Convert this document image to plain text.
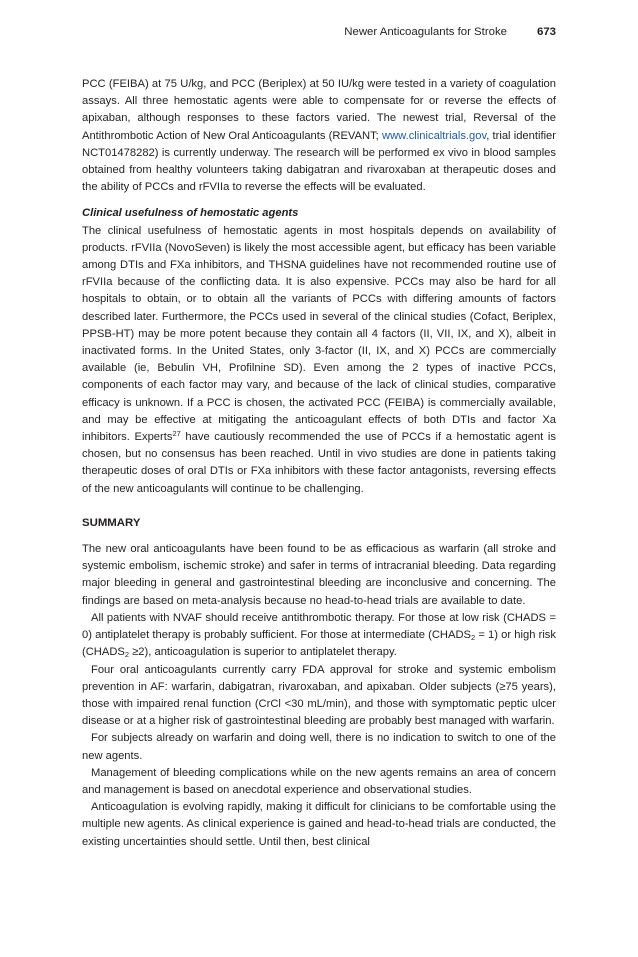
Newer Anticoagulants for Stroke	673

PCC (FEIBA) at 75 U/kg, and PCC (Beriplex) at 50 IU/kg were tested in a variety of coagulation assays. All three hemostatic agents were able to compensate for or reverse the effects of apixaban, although responses to these factors varied. The newest trial, Reversal of the Antithrombotic Action of New Oral Anticoagulants (REVANT; www.clinicaltrials.gov, trial identifier NCT01478282) is currently underway. The research will be performed ex vivo in blood samples obtained from healthy volunteers taking dabigatran and rivaroxaban at therapeutic doses and the ability of PCCs and rFVIIa to reverse the effects will be evaluated.

Clinical usefulness of hemostatic agents

The clinical usefulness of hemostatic agents in most hospitals depends on availability of products. rFVIIa (NovoSeven) is likely the most accessible agent, but efficacy has been variable among DTIs and FXa inhibitors, and THSNA guidelines have not recommended routine use of rFVIIa because of the conflicting data. It is also expensive. PCCs may also be hard for all hospitals to obtain, or to obtain all the variants of PCCs with differing amounts of factors described later. Furthermore, the PCCs used in several of the clinical studies (Cofact, Beriplex, PPSB-HT) may be more potent because they contain all 4 factors (II, VII, IX, and X), albeit in inactivated forms. In the United States, only 3-factor (II, IX, and X) PCCs are commercially available (ie, Bebulin VH, Profilnine SD). Even among the 2 types of inactive PCCs, components of each factor may vary, and because of the lack of clinical studies, comparative efficacy is unknown. If a PCC is chosen, the activated PCC (FEIBA) is commercially available, and may be effective at mitigating the anticoagulant effects of both DTIs and factor Xa inhibitors. Experts$^{27}$ have cautiously recommended the use of PCCs if a hemostatic agent is chosen, but no consensus has been reached. Until in vivo studies are done in patients taking therapeutic doses of oral DTIs or FXa inhibitors with these factor antagonists, reversing effects of the new anticoagulants will continue to be challenging.

SUMMARY

The new oral anticoagulants have been found to be as efficacious as warfarin (all stroke and systemic embolism, ischemic stroke) and safer in terms of intracranial bleeding. Data regarding major bleeding in general and gastrointestinal bleeding are inconclusive and concerning. The findings are based on meta-analysis because no head-to-head trials are available to date.

All patients with NVAF should receive antithrombotic therapy. For those at low risk (CHADS = 0) antiplatelet therapy is probably sufficient. For those at intermediate $(CHADS_2 = 1)$ or high risk $(CHADS_2 \ge 2)$, anticoagulation is superior to antiplatelet therapy.

Four oral anticoagulants currently carry FDA approval for stroke and systemic embolism prevention in AF: warfarin, dabigatran, rivaroxaban, and apixaban. Older subjects (≥75 years), those with impaired renal function (CrCl <30 mL/min), and those with symptomatic peptic ulcer disease or at a higher risk of gastrointestinal bleeding are probably best managed with warfarin.

For subjects already on warfarin and doing well, there is no indication to switch to one of the new agents.

Management of bleeding complications while on the new agents remains an area of concern and management is based on anecdotal experience and observational studies.

Anticoagulation is evolving rapidly, making it difficult for clinicians to be comfortable using the multiple new agents. As clinical experience is gained and head-to-head trials are conducted, the existing uncertainties should settle. Until then, best clinical
